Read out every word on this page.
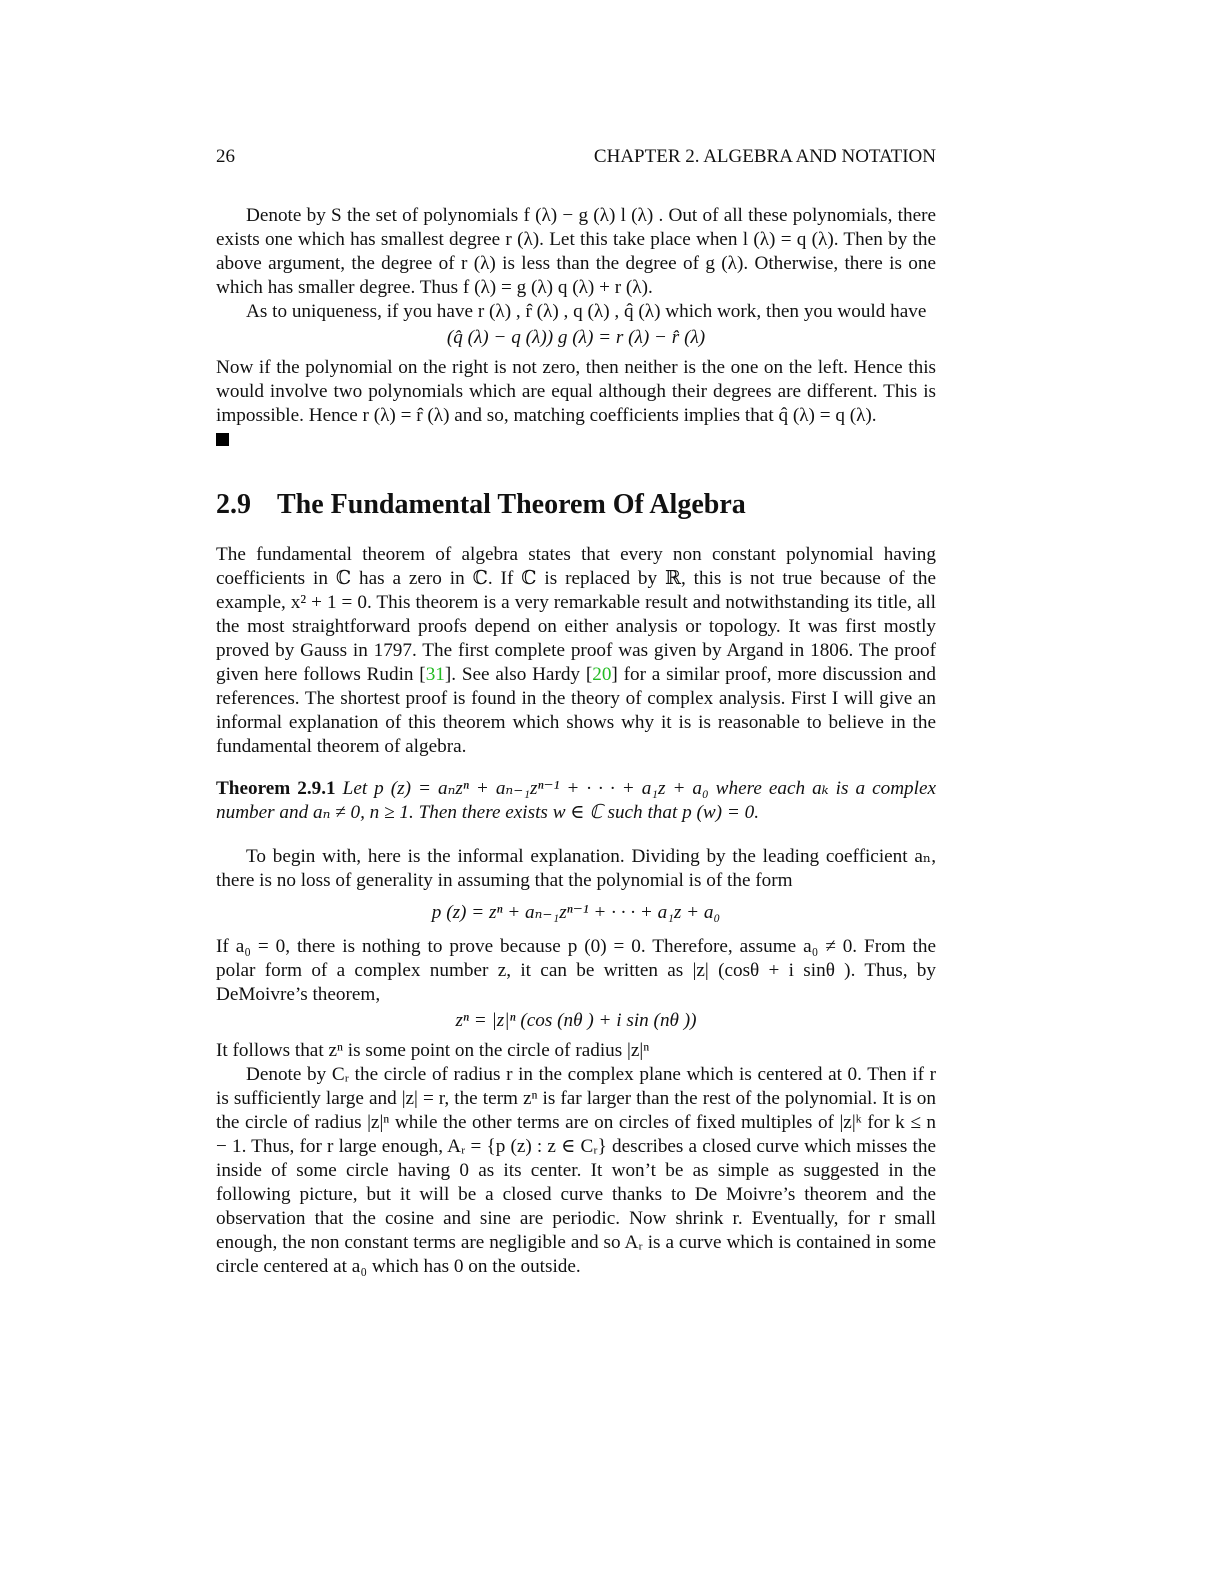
26	CHAPTER 2. ALGEBRA AND NOTATION

Denote by S the set of polynomials f (λ) − g (λ) l (λ) . Out of all these polynomials, there exists one which has smallest degree r (λ). Let this take place when l (λ) = q (λ). Then by the above argument, the degree of r (λ) is less than the degree of g (λ). Otherwise, there is one which has smaller degree. Thus f (λ) = g (λ) q (λ) + r (λ).

As to uniqueness, if you have r (λ) , r̂ (λ) , q (λ) , q̂ (λ) which work, then you would have

(q̂ (λ) − q (λ)) g (λ) = r (λ) − r̂ (λ)

Now if the polynomial on the right is not zero, then neither is the one on the left. Hence this would involve two polynomials which are equal although their degrees are different. This is impossible. Hence r (λ) = r̂ (λ) and so, matching coefficients implies that q̂ (λ) = q (λ).

2.9 The Fundamental Theorem Of Algebra

The fundamental theorem of algebra states that every non constant polynomial having coefficients in ℂ has a zero in ℂ. If ℂ is replaced by ℝ, this is not true because of the example, x² + 1 = 0. This theorem is a very remarkable result and notwithstanding its title, all the most straightforward proofs depend on either analysis or topology. It was first mostly proved by Gauss in 1797. The first complete proof was given by Argand in 1806. The proof given here follows Rudin [31]. See also Hardy [20] for a similar proof, more discussion and references. The shortest proof is found in the theory of complex analysis. First I will give an informal explanation of this theorem which shows why it is is reasonable to believe in the fundamental theorem of algebra.

Theorem 2.9.1 Let p (z) = aₙzⁿ + aₙ₋₁zⁿ⁻¹ + · · · + a₁z + a₀ where each aₖ is a complex number and aₙ ≠ 0, n ≥ 1. Then there exists w ∈ ℂ such that p (w) = 0.

To begin with, here is the informal explanation. Dividing by the leading coefficient aₙ, there is no loss of generality in assuming that the polynomial is of the form

p (z) = zⁿ + aₙ₋₁zⁿ⁻¹ + · · · + a₁z + a₀

If a₀ = 0, there is nothing to prove because p (0) = 0. Therefore, assume a₀ ≠ 0. From the polar form of a complex number z, it can be written as |z| (cosθ + i sinθ ). Thus, by DeMoivre’s theorem,

zⁿ = |z|ⁿ (cos (nθ ) + i sin (nθ ))

It follows that zⁿ is some point on the circle of radius |z|ⁿ

Denote by Cᵣ the circle of radius r in the complex plane which is centered at 0. Then if r is sufficiently large and |z| = r, the term zⁿ is far larger than the rest of the polynomial. It is on the circle of radius |z|ⁿ while the other terms are on circles of fixed multiples of |z|ᵏ for k ≤ n − 1. Thus, for r large enough, Aᵣ = {p (z) : z ∈ Cᵣ} describes a closed curve which misses the inside of some circle having 0 as its center. It won’t be as simple as suggested in the following picture, but it will be a closed curve thanks to De Moivre’s theorem and the observation that the cosine and sine are periodic. Now shrink r. Eventually, for r small enough, the non constant terms are negligible and so Aᵣ is a curve which is contained in some circle centered at a₀ which has 0 on the outside.
